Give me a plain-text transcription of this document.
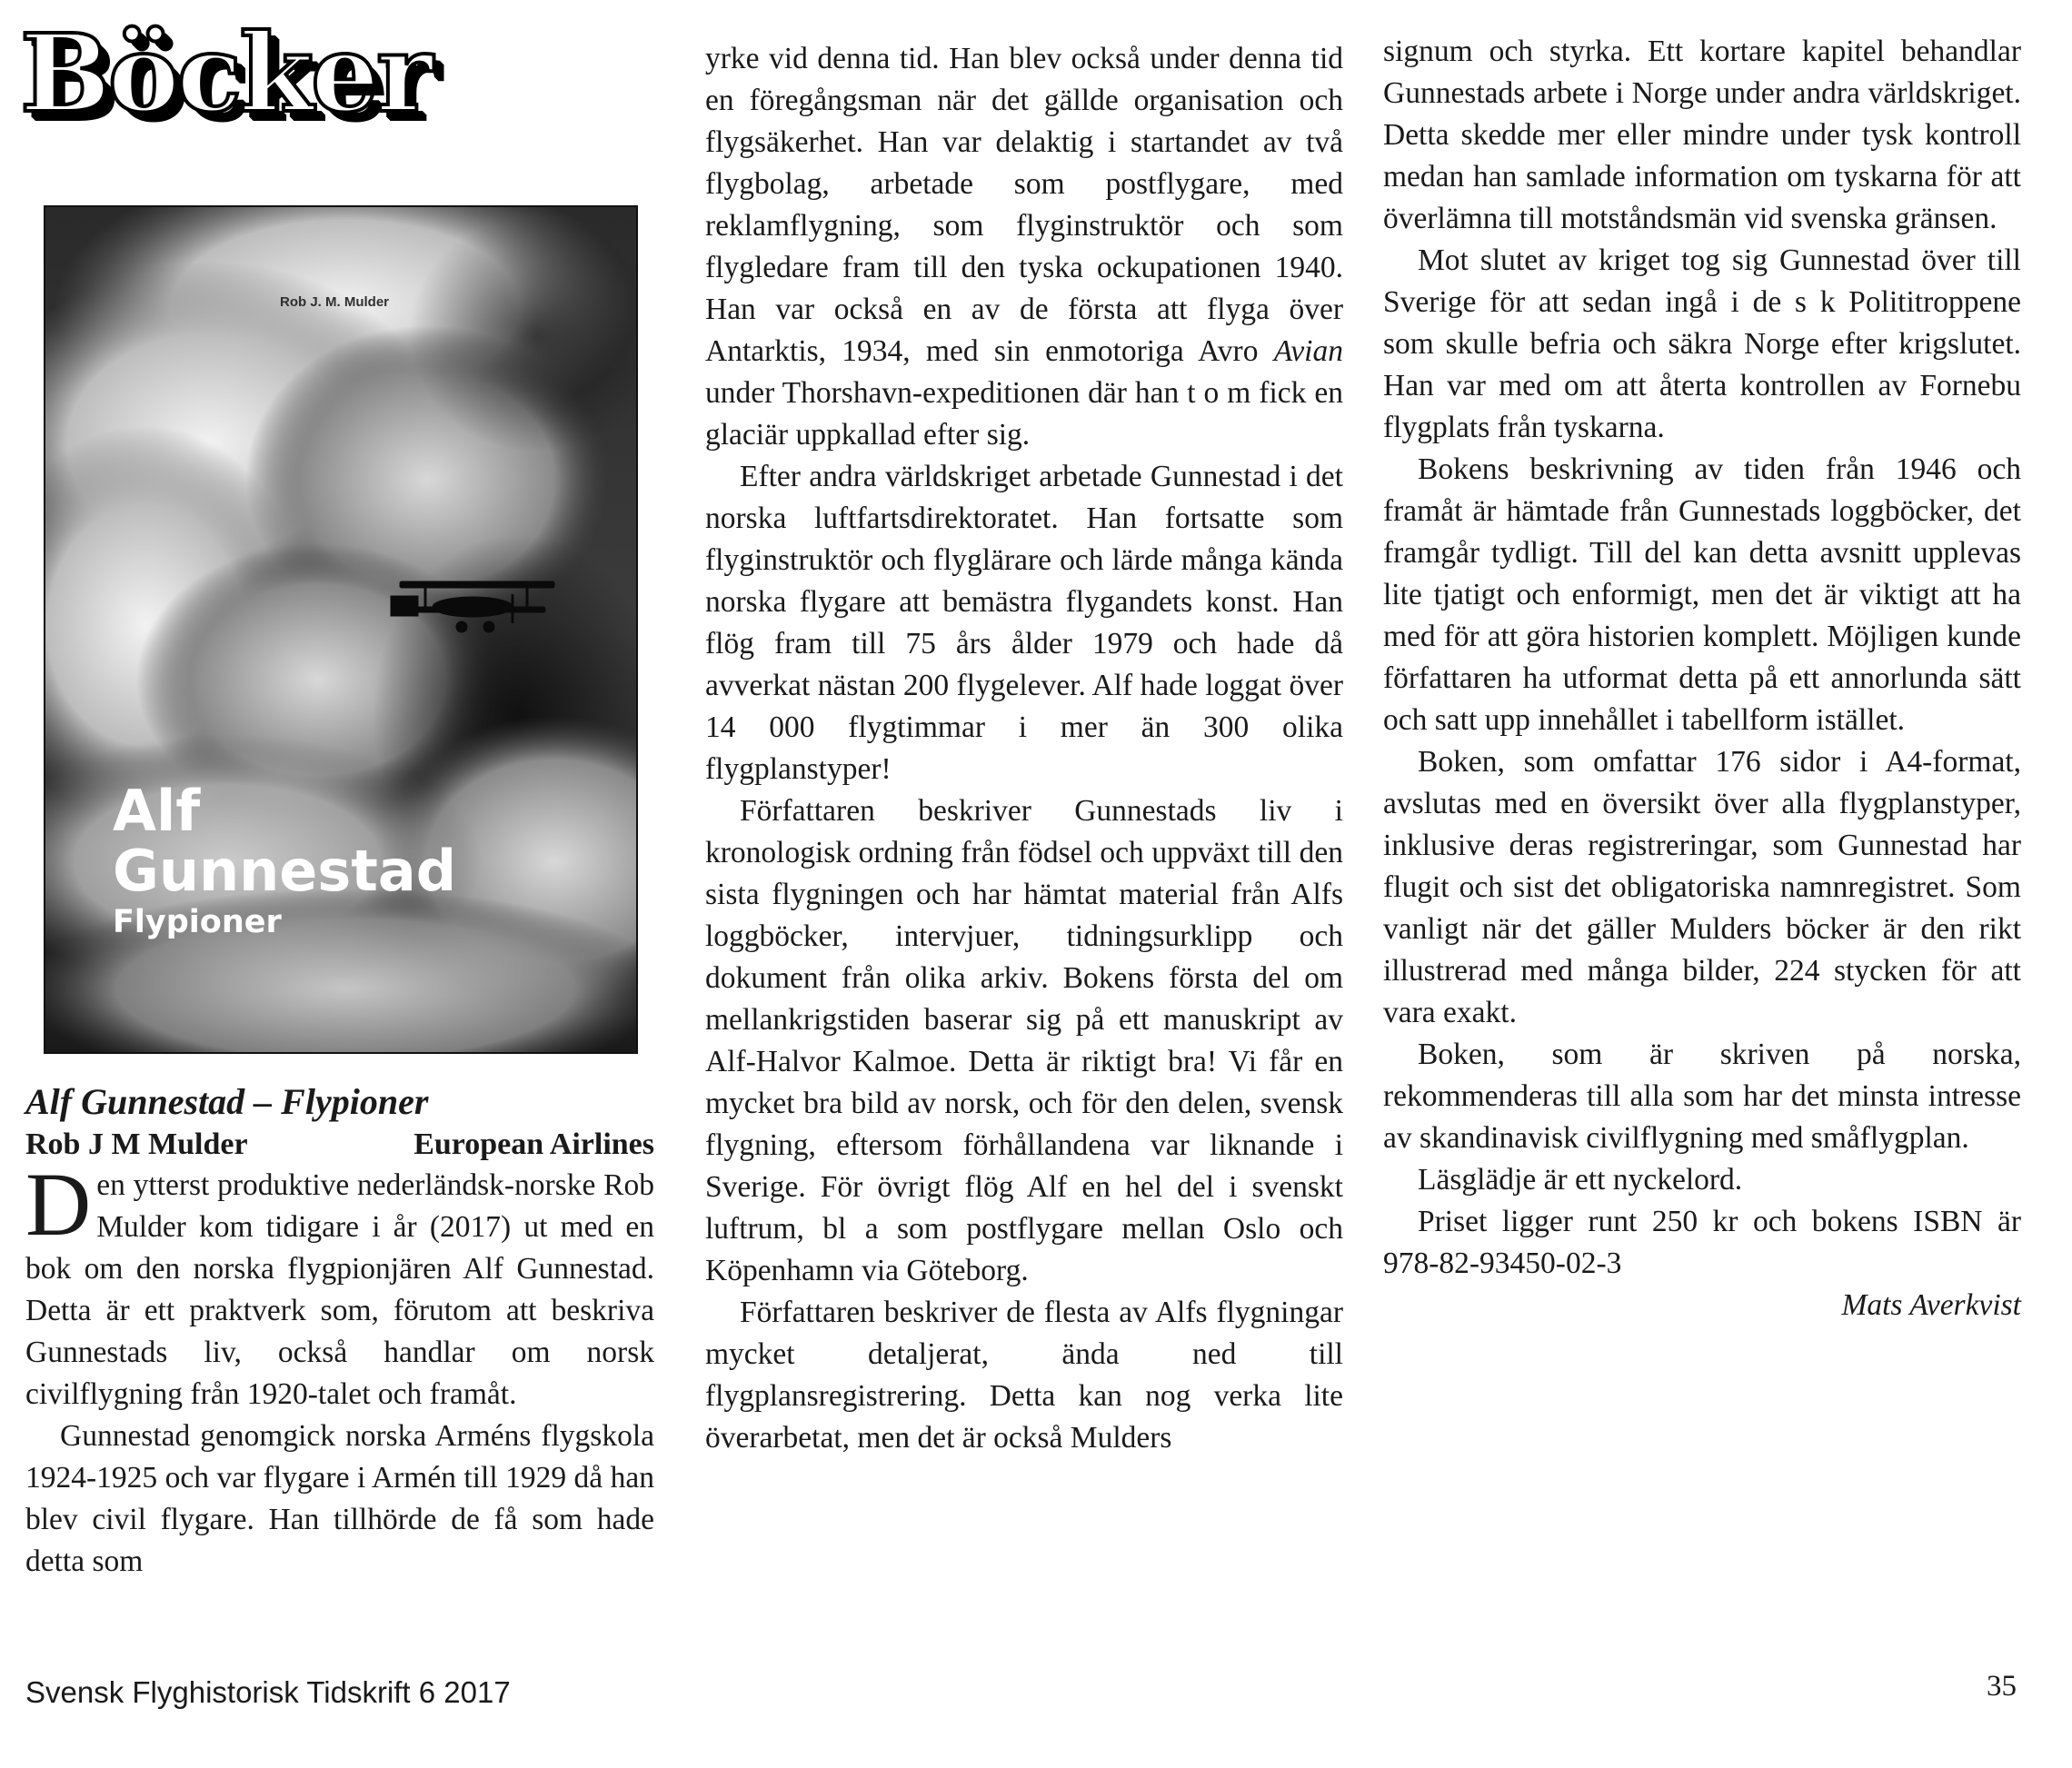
Böcker

Rob J. M. Mulder

Alf
Gunnestad
Flypioner
Alf Gunnestad – Flypioner
Rob J M Mulder	European Airlines

Den ytterst produktive nederländsk-norske Rob Mulder kom tidigare i år (2017) ut med en bok om den norska flygpionjären Alf Gunnestad. Detta är ett praktverk som, förutom att beskriva Gunnestads liv, också handlar om norsk civilflygning från 1920-talet och framåt.

Gunnestad genomgick norska Arméns flygskola 1924-1925 och var flygare i Armén till 1929 då han blev civil flygare. Han tillhörde de få som hade detta som

yrke vid denna tid. Han blev också under denna tid en föregångsman när det gällde organisation och flygsäkerhet. Han var delaktig i startandet av två flygbolag, arbetade som postflygare, med reklamflygning, som flyginstruktör och som flygledare fram till den tyska ockupationen 1940. Han var också en av de första att flyga över Antarktis, 1934, med sin enmotoriga Avro Avian under Thorshavn-expeditionen där han t o m fick en glaciär uppkallad efter sig.

Efter andra världskriget arbetade Gunnestad i det norska luftfartsdirektoratet. Han fortsatte som flyginstruktör och flyglärare och lärde många kända norska flygare att bemästra flygandets konst. Han flög fram till 75 års ålder 1979 och hade då avverkat nästan 200 flygelever. Alf hade loggat över 14 000 flygtimmar i mer än 300 olika flygplanstyper!

Författaren beskriver Gunnestads liv i kronologisk ordning från födsel och uppväxt till den sista flygningen och har hämtat material från Alfs loggböcker, intervjuer, tidningsurklipp och dokument från olika arkiv. Bokens första del om mellankrigstiden baserar sig på ett manuskript av Alf-Halvor Kalmoe. Detta är riktigt bra! Vi får en mycket bra bild av norsk, och för den delen, svensk flygning, eftersom förhållandena var liknande i Sverige. För övrigt flög Alf en hel del i svenskt luftrum, bl a som postflygare mellan Oslo och Köpenhamn via Göteborg.

Författaren beskriver de flesta av Alfs flygningar mycket detaljerat, ända ned till flygplansregistrering. Detta kan nog verka lite överarbetat, men det är också Mulders

signum och styrka. Ett kortare kapitel behandlar Gunnestads arbete i Norge under andra världskriget. Detta skedde mer eller mindre under tysk kontroll medan han samlade information om tyskarna för att överlämna till motståndsmän vid svenska gränsen.

Mot slutet av kriget tog sig Gunnestad över till Sverige för att sedan ingå i de s k Polititroppene som skulle befria och säkra Norge efter krigslutet. Han var med om att återta kontrollen av Fornebu flygplats från tyskarna.

Bokens beskrivning av tiden från 1946 och framåt är hämtade från Gunnestads loggböcker, det framgår tydligt. Till del kan detta avsnitt upplevas lite tjatigt och enformigt, men det är viktigt att ha med för att göra historien komplett. Möjligen kunde författaren ha utformat detta på ett annorlunda sätt och satt upp innehållet i tabellform istället.

Boken, som omfattar 176 sidor i A4-format, avslutas med en översikt över alla flygplanstyper, inklusive deras registreringar, som Gunnestad har flugit och sist det obligatoriska namnregistret. Som vanligt när det gäller Mulders böcker är den rikt illustrerad med många bilder, 224 stycken för att vara exakt.

Boken, som är skriven på norska, rekommenderas till alla som har det minsta intresse av skandinavisk civilflygning med småflygplan.

Läsglädje är ett nyckelord.

Priset ligger runt 250 kr och bokens ISBN är 978-82-93450-02-3

Mats Averkvist

Svensk Flyghistorisk Tidskrift 6 2017	35
